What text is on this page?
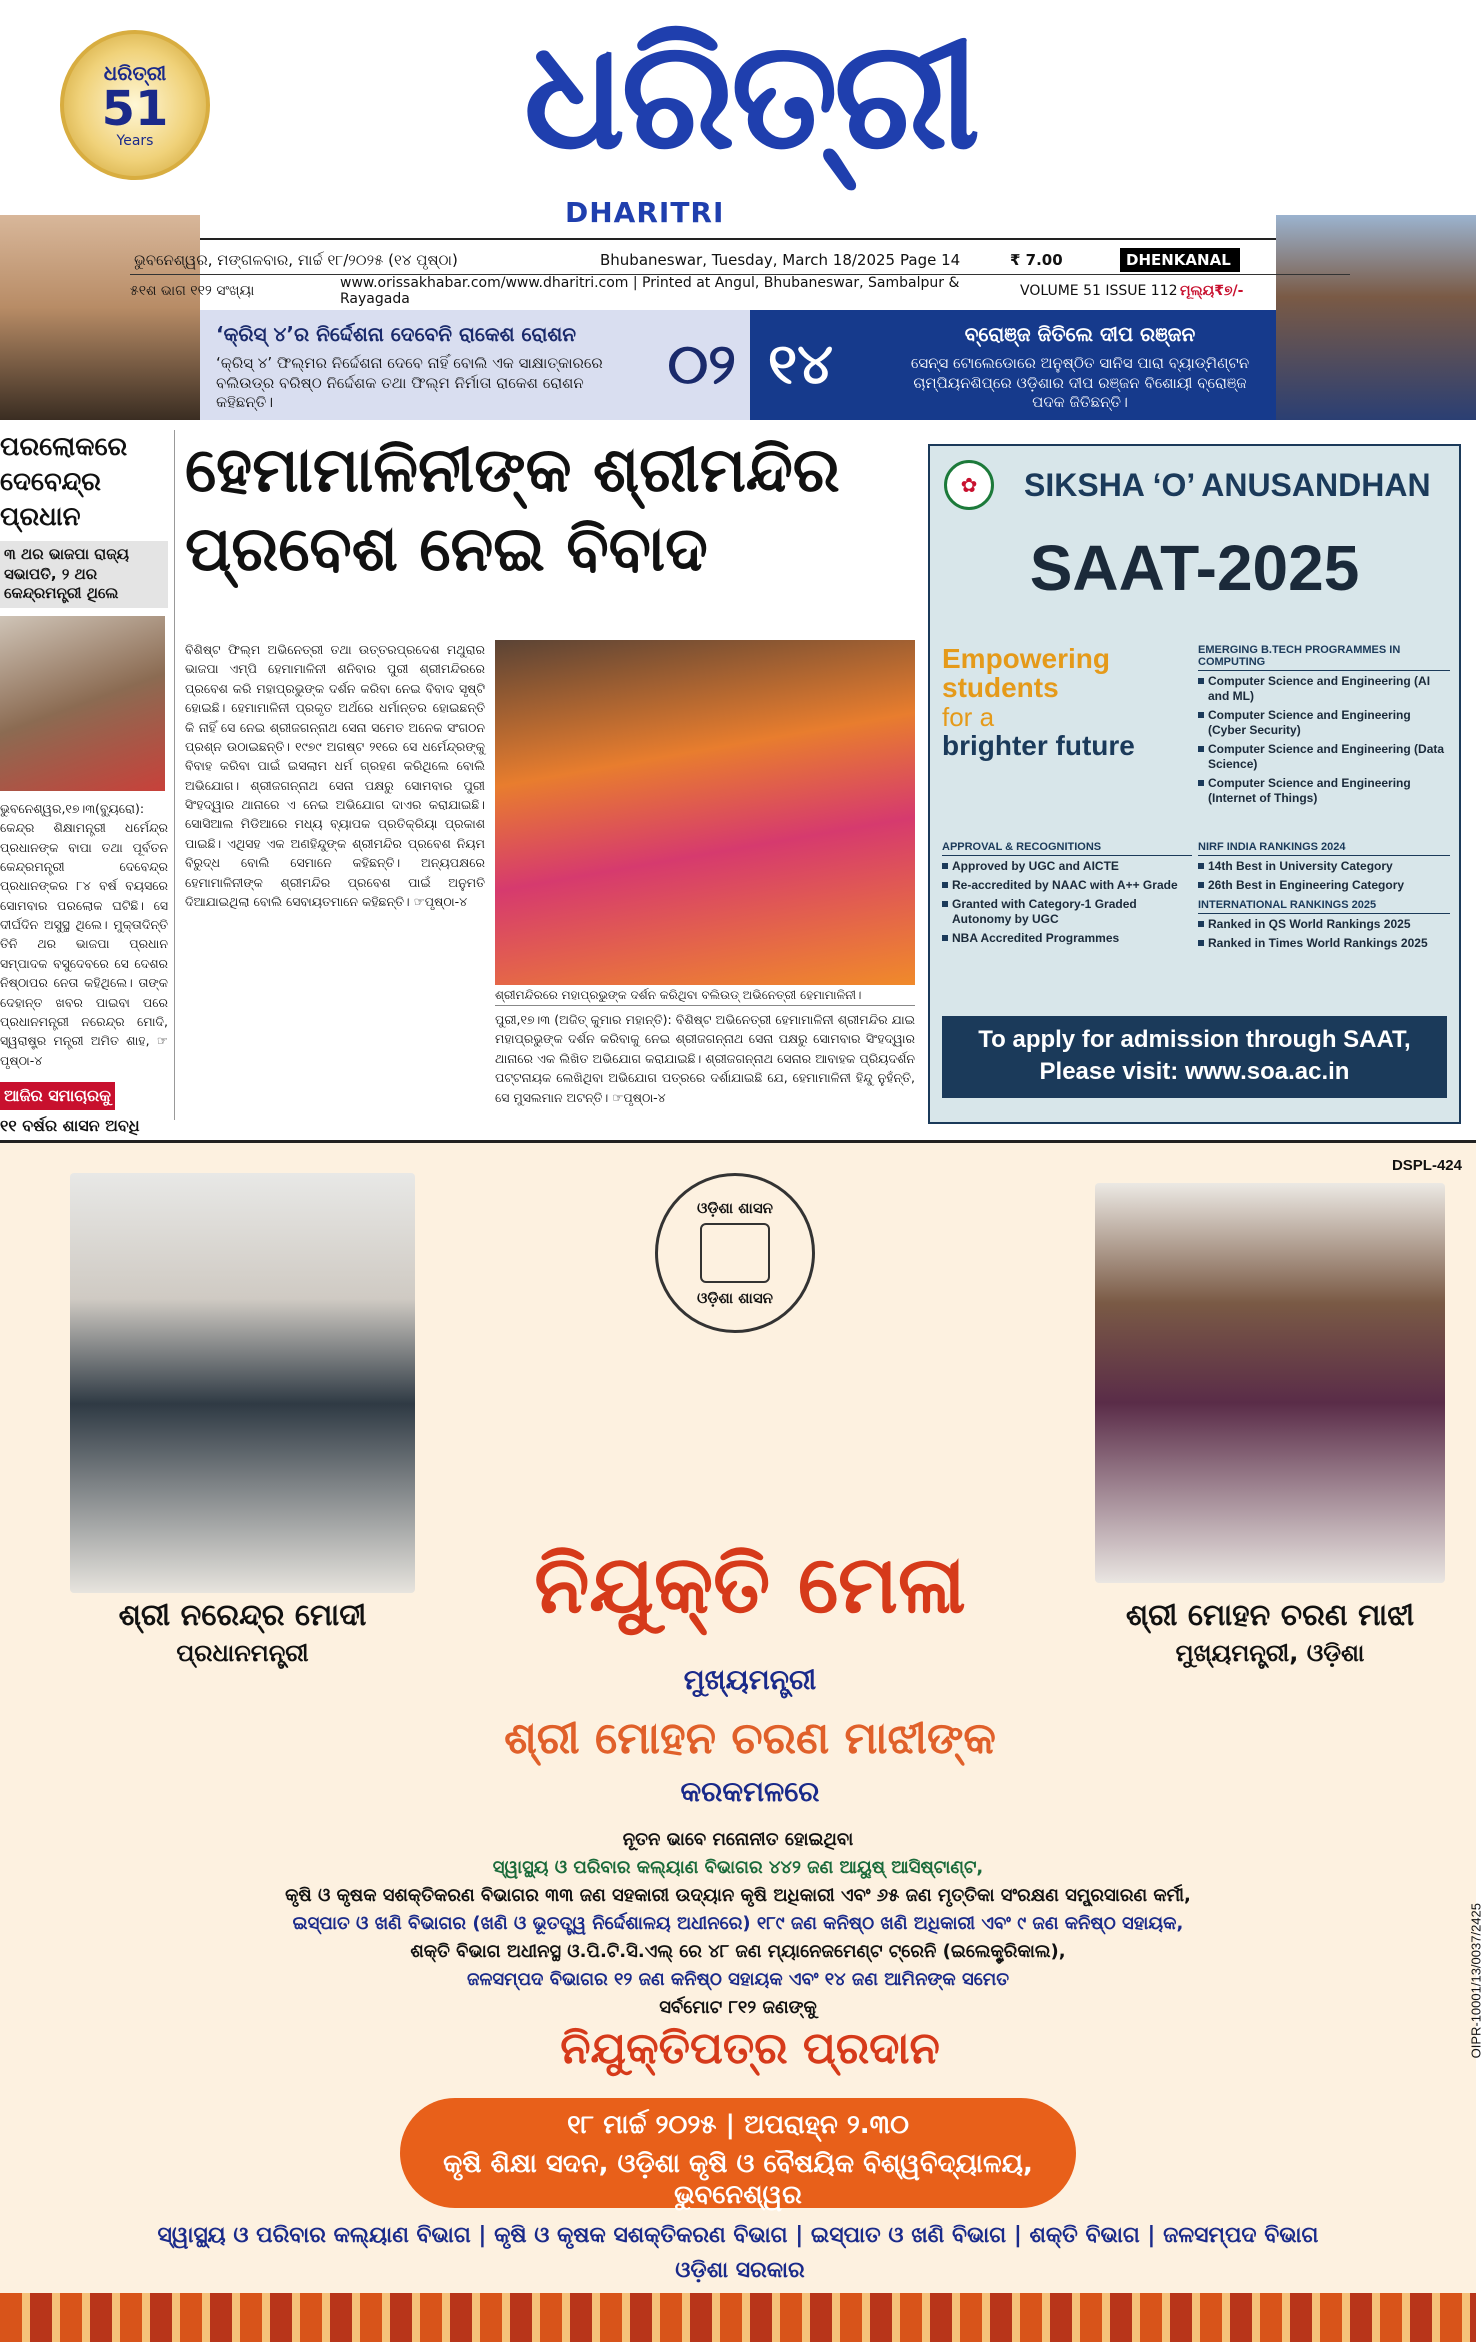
ଧରିତ୍ରୀ
51
Years ଧରିତ୍ରୀ
DHARITRI
ଭୁବନେଶ୍ୱର, ମଙ୍ଗଳବାର, ମାର୍ଚ୍ଚ ୧୮/୨୦୨୫ (୧୪ ପୃଷ୍ଠା)	Bhubaneswar, Tuesday, March 18/2025 Page 14	₹ 7.00	DHENKANAL
୫୧ଶ ଭାଗ ୧୧୨ ସଂଖ୍ୟା	www.orissakhabar.com/www.dharitri.com | Printed at Angul, Bhubaneswar, Sambalpur & Rayagada	VOLUME 51 ISSUE 112 ମୂଲ୍ୟ₹୭/-
‘କ୍ରିସ୍‌ ୪’ର ନିର୍ଦ୍ଦେଶନା ଦେବେନି ରାକେଶ ରୋଶନ
‘କ୍ରିସ୍‌ ୪’ ଫିଲ୍ମର ନିର୍ଦ୍ଦେଶନା ଦେବେ ନାହିଁ ବୋଲି ଏକ ସାକ୍ଷାତ୍‌କାରରେ ବଲିଉଡ୍‌ର ବରିଷ୍ଠ ନିର୍ଦ୍ଦେଶକ ତଥା ଫିଲ୍ମ ନିର୍ମାତା ରାକେଶ ରୋଶନ କହିଛନ୍ତି।
୦୨ ୧୪	ବ୍ରୋଞ୍ଜ ଜିତିଲେ ଦୀପ ରଞ୍ଜନ
ସେନ୍‌ସ ଟୋଲେଡୋରେ ଅନୁଷ୍ଠିତ ସାନିସ ପାରା ବ୍ୟାଡ୍‌ମିଣ୍ଟନ ଚାମ୍ପିୟନଶିପ୍‌ରେ ଓଡ଼ିଶାର ଦୀପ ରଞ୍ଜନ ବିଶୋୟୀ ବ୍ରୋଞ୍ଜ ପଦକ ଜିତିଛନ୍ତି।
ପରଲୋକରେ ଦେବେନ୍ଦ୍ର ପ୍ରଧାନ
୩ ଥର ଭାଜପା ରାଜ୍ୟ ସଭାପତି, ୨ ଥର କେନ୍ଦ୍ରମନ୍ତ୍ରୀ ଥିଲେ
ଭୁବନେଶ୍ୱର,୧୭।୩(ବ୍ୟୁରୋ): କେନ୍ଦ୍ର ଶିକ୍ଷାମନ୍ତ୍ରୀ ଧର୍ମେନ୍ଦ୍ର ପ୍ରଧାନଙ୍କ ବାପା ତଥା ପୂର୍ବତନ କେନ୍ଦ୍ରମନ୍ତ୍ରୀ ଦେବେନ୍ଦ୍ର ପ୍ରଧାନଙ୍କର ୮୪ ବର୍ଷ ବୟସରେ ସୋମବାର ପରଲୋକ ଘଟିଛି। ସେ ଦୀର୍ଘଦିନ ଅସୁସ୍ଥ ଥିଲେ। ମୁକ୍ତାଦିନ୍ତି ତିନି ଥର ଭାଜପା ପ୍ରଧାନ ସମ୍ପାଦକ ବସୁଦେବରେ ସେ ଦେଶର ନିଷ୍ଠାପର ନେତା କହିଥିଲେ। ତାଙ୍କ ଦେହାନ୍ତ ଖବର ପାଇବା ପରେ ପ୍ରଧାନମନ୍ତ୍ରୀ ନରେନ୍ଦ୍ର ମୋଦି, ସ୍ୱରାଷ୍ଟ୍ର ମନ୍ତ୍ରୀ ଅମିତ ଶାହ, ☞ପୃଷ୍ଠା-୪
ଆଜିର ସମାଚାରକୁ
୧୧ ବର୍ଷର ଶାସନ ଅବଧି
ହେମାମାଳିନୀଙ୍କ ଶ୍ରୀମନ୍ଦିର ପ୍ରବେଶ ନେଇ ବିବାଦ
ବିଶିଷ୍ଟ ଫିଲ୍ମ ଅଭିନେତ୍ରୀ ତଥା ଉତ୍ତରପ୍ରଦେଶ ମଥୁରାର ଭାଜପା ଏମ୍‌ପି ହେମାମାଳିନୀ ଶନିବାର ପୁରୀ ଶ୍ରୀମନ୍ଦିରରେ ପ୍ରବେଶ କରି ମହାପ୍ରଭୁଙ୍କ ଦର୍ଶନ କରିବା ନେଇ ବିବାଦ ସୃଷ୍ଟି ହୋଇଛି। ହେମାମାଳିନୀ ପ୍ରକୃତ ଅର୍ଥରେ ଧର୍ମାନ୍ତର ହୋଇଛନ୍ତି କି ନାହିଁ ସେ ନେଇ ଶ୍ରୀଜଗନ୍ନାଥ ସେନା ସମେତ ଅନେକ ସଂଗଠନ ପ୍ରଶ୍ନ ଉଠାଇଛନ୍ତି। ୧୯୭୯ ଅଗଷ୍ଟ ୨୧ରେ ସେ ଧର୍ମେନ୍ଦ୍ରଙ୍କୁ ବିବାହ କରିବା ପାଇଁ ଇସଲାମ ଧର୍ମ ଗ୍ରହଣ କରିଥିଲେ ବୋଲି ଅଭିଯୋଗ। ଶ୍ରୀଜଗନ୍ନାଥ ସେନା ପକ୍ଷରୁ ସୋମବାର ପୁରୀ ସିଂହଦ୍ୱାର ଥାନାରେ ଏ ନେଇ ଅଭିଯୋଗ ଦାଏର କରାଯାଇଛି। ସୋସିଆଲ ମିଡିଆରେ ମଧ୍ୟ ବ୍ୟାପକ ପ୍ରତିକ୍ରିୟା ପ୍ରକାଶ ପାଇଛି। ଏଥିସହ ଏକ ଅଣହିନ୍ଦୁଙ୍କ ଶ୍ରୀମନ୍ଦିର ପ୍ରବେଶ ନିୟମ ବିରୁଦ୍ଧ ବୋଲି ସେମାନେ କହିଛନ୍ତି। ଅନ୍ୟପକ୍ଷରେ ହେମାମାଳିନୀଙ୍କ ଶ୍ରୀମନ୍ଦିର ପ୍ରବେଶ ପାଇଁ ଅନୁମତି ଦିଆଯାଇଥିଲା ବୋଲି ସେବାୟତମାନେ କହିଛନ୍ତି। ☞ପୃଷ୍ଠା-୪
ଶ୍ରୀମନ୍ଦିରରେ ମହାପ୍ରଭୁଙ୍କ ଦର୍ଶନ କରିଥିବା ବଲିଉଡ୍ ଅଭିନେତ୍ରୀ ହେମାମାଳିନୀ।
ପୁରୀ,୧୭।୩ (ଅଜିତ୍‌ କୁମାର ମହାନ୍ତି): ବିଶିଷ୍ଟ ଅଭିନେତ୍ରୀ ହେମାମାଳିନୀ ଶ୍ରୀମନ୍ଦିର ଯାଇ ମହାପ୍ରଭୁଙ୍କ ଦର୍ଶନ କରିବାକୁ ନେଇ ଶ୍ରୀଜଗନ୍ନାଥ ସେନା ପକ୍ଷରୁ ସୋମବାର ସିଂହଦ୍ୱାର ଥାନାରେ ଏକ ଲିଖିତ ଅଭିଯୋଗ କରାଯାଇଛି। ଶ୍ରୀଜଗନ୍ନାଥ ସେନାର ଆବାହକ ପ୍ରିୟଦର୍ଶନ ପଟ୍ଟନାୟକ ଲେଖିଥିବା ଅଭିଯୋଗ ପତ୍ରରେ ଦର୍ଶାଯାଇଛି ଯେ, ହେମାମାଳିନୀ ହିନ୍ଦୁ ନୁହଁନ୍ତି, ସେ ମୁସଲମାନ ଅଟନ୍ତି। ☞ପୃଷ୍ଠା-୪
✿	SIKSHA ‘O’ ANUSANDHAN
SAAT-2025
Empowering
students
for a
brighter future
EMERGING B.TECH PROGRAMMES IN COMPUTING
Computer Science and Engineering (AI and ML)
Computer Science and Engineering (Cyber Security)
Computer Science and Engineering (Data Science)
Computer Science and Engineering (Internet of Things)
APPROVAL & RECOGNITIONS
Approved by UGC and AICTE
Re-accredited by NAAC with A++ Grade
Granted with Category-1 Graded Autonomy by UGC
NBA Accredited Programmes
NIRF INDIA RANKINGS 2024
14th Best in University Category
26th Best in Engineering Category
INTERNATIONAL RANKINGS 2025
Ranked in QS World Rankings 2025
Ranked in Times World Rankings 2025
To apply for admission through SAAT,
Please visit: www.soa.ac.in
DSPL-424
OIPR-10001/13/0037/2425
ଓଡ଼ିଶା ଶାସନ
ଓଡ଼ିଶା ଶାସନ
ଶ୍ରୀ ନରେନ୍ଦ୍ର ମୋଦୀ
ପ୍ରଧାନମନ୍ତ୍ରୀ
ଶ୍ରୀ ମୋହନ ଚରଣ ମାଝୀ
ମୁଖ୍ୟମନ୍ତ୍ରୀ, ଓଡ଼ିଶା
ନିଯୁକ୍ତି ମେଳା
ମୁଖ୍ୟମନ୍ତ୍ରୀ
ଶ୍ରୀ ମୋହନ ଚରଣ ମାଝୀଙ୍କ
କରକମଳରେ
ନୂତନ ଭାବେ ମନୋନୀତ ହୋଇଥିବା
ସ୍ୱାସ୍ଥ୍ୟ ଓ ପରିବାର କଲ୍ୟାଣ ବିଭାଗର ୪୪୨ ଜଣ ଆୟୁଷ୍ ଆସିଷ୍ଟାଣ୍ଟ,
କୃଷି ଓ କୃଷକ ସଶକ୍ତିକରଣ ବିଭାଗର ୩୩ ଜଣ ସହକାରୀ ଉଦ୍ୟାନ କୃଷି ଅଧିକାରୀ ଏବଂ ୬୫ ଜଣ ମୃତ୍ତିକା ସଂରକ୍ଷଣ ସମ୍ପ୍ରସାରଣ କର୍ମୀ,
ଇସ୍ପାତ ଓ ଖଣି ବିଭାଗର (ଖଣି ଓ ଭୂତତ୍ତ୍ୱ ନିର୍ଦ୍ଦେଶାଳୟ ଅଧୀନରେ) ୧୮୯ ଜଣ କନିଷ୍ଠ ଖଣି ଅଧିକାରୀ ଏବଂ ୯ ଜଣ କନିଷ୍ଠ ସହାୟକ,
ଶକ୍ତି ବିଭାଗ ଅଧୀନସ୍ଥ ଓ.ପି.ଟି.ସି.ଏଲ୍ ରେ ୪୮ ଜଣ ମ୍ୟାନେଜମେଣ୍ଟ ଟ୍ରେନି (ଇଲେକ୍ଟ୍ରିକାଲ),
ଜଳସମ୍ପଦ ବିଭାଗର ୧୨ ଜଣ କନିଷ୍ଠ ସହାୟକ ଏବଂ ୧୪ ଜଣ ଆମିନଙ୍କ ସମେତ
ସର୍ବମୋଟ ୮୧୨ ଜଣଙ୍କୁ
ନିଯୁକ୍ତିପତ୍ର ପ୍ରଦାନ
୧୮ ମାର୍ଚ୍ଚ ୨୦୨୫ | ଅପରାହ୍ନ ୨.୩୦
କୃଷି ଶିକ୍ଷା ସଦନ, ଓଡ଼ିଶା କୃଷି ଓ ବୈଷୟିକ ବିଶ୍ୱବିଦ୍ୟାଳୟ, ଭୁବନେଶ୍ୱର
ସ୍ୱାସ୍ଥ୍ୟ ଓ ପରିବାର କଲ୍ୟାଣ ବିଭାଗ | କୃଷି ଓ କୃଷକ ସଶକ୍ତିକରଣ ବିଭାଗ | ଇସ୍ପାତ ଓ ଖଣି ବିଭାଗ | ଶକ୍ତି ବିଭାଗ | ଜଳସମ୍ପଦ ବିଭାଗ
ଓଡ଼ିଶା ସରକାର
